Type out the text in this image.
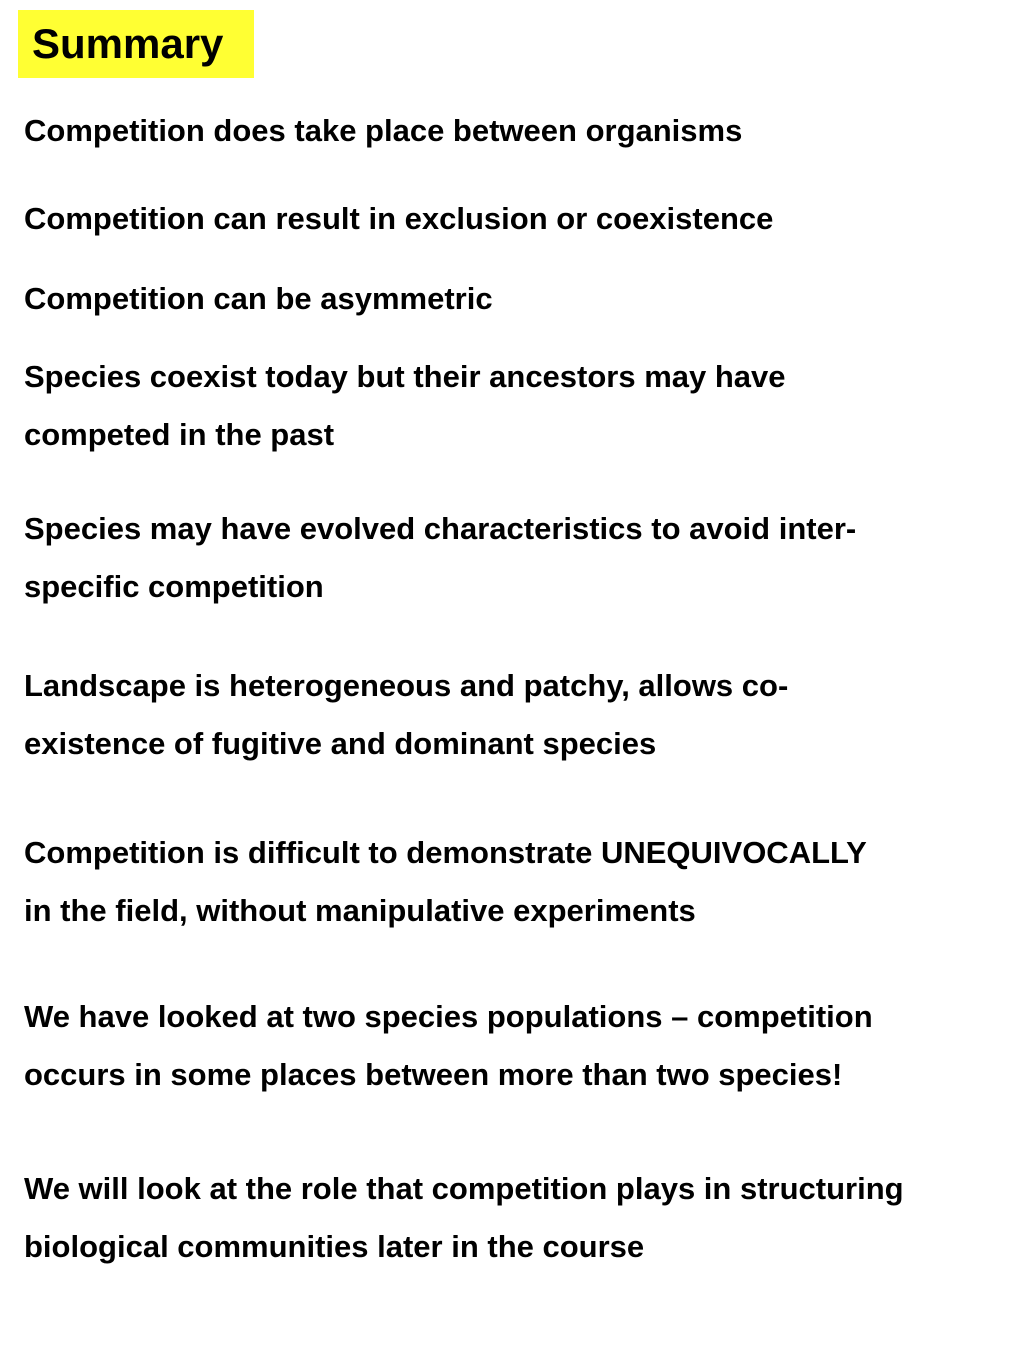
Summary
Competition does take place between organisms
Competition can result in exclusion or coexistence
Competition can be asymmetric
Species coexist today but their ancestors may have
competed in the past
Species may have evolved characteristics to avoid inter-
specific competition
Landscape is heterogeneous and patchy, allows co-
existence of fugitive and dominant species
Competition is difficult to demonstrate UNEQUIVOCALLY
in the field, without manipulative experiments
We have looked at two species populations – competition
occurs in some places between more than two species!
We will look at the role that competition plays in structuring
biological communities later in the course
